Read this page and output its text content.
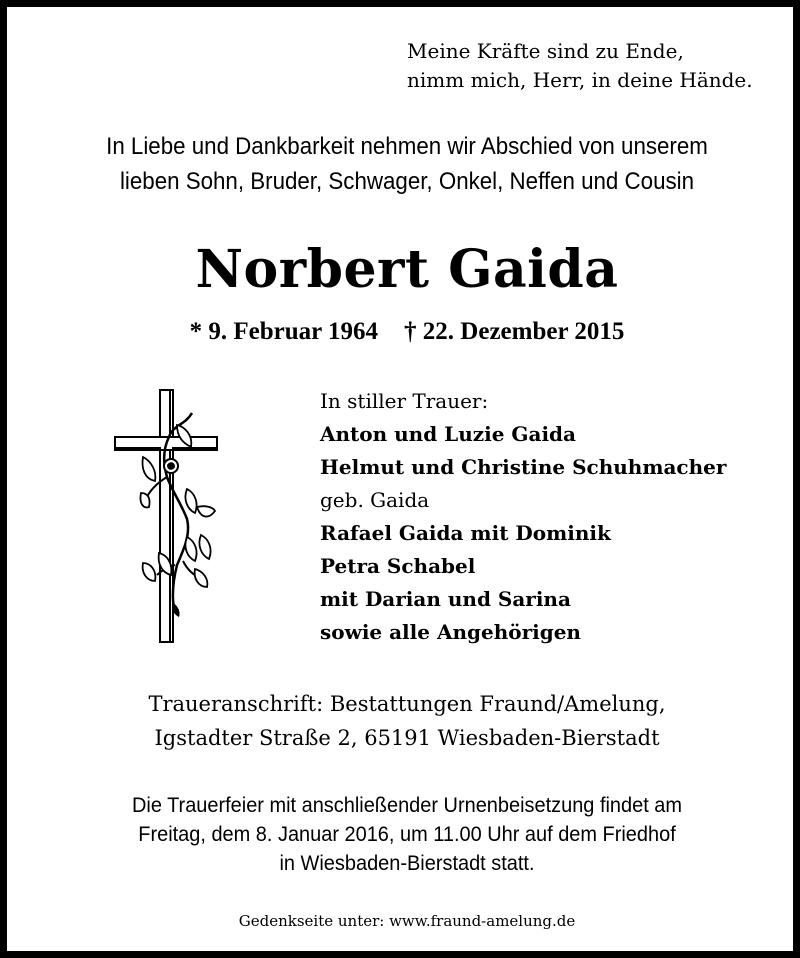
Meine Kräfte sind zu Ende,
nimm mich, Herr, in deine Hände.
In Liebe und Dankbarkeit nehmen wir Abschied von unserem
lieben Sohn, Bruder, Schwager, Onkel, Neffen und Cousin
Norbert Gaida
* 9. Februar 1964 † 22. Dezember 2015
In stiller Trauer:
Anton und Luzie Gaida
Helmut und Christine Schuhmacher
geb. Gaida
Rafael Gaida mit Dominik
Petra Schabel
mit Darian und Sarina
sowie alle Angehörigen
Traueranschrift: Bestattungen Fraund/Amelung,
Igstadter Straße 2, 65191 Wiesbaden-Bierstadt
Die Trauerfeier mit anschließender Urnenbeisetzung findet am
Freitag, dem 8. Januar 2016, um 11.00 Uhr auf dem Friedhof
in Wiesbaden-Bierstadt statt.
Gedenkseite unter: www.fraund-amelung.de
